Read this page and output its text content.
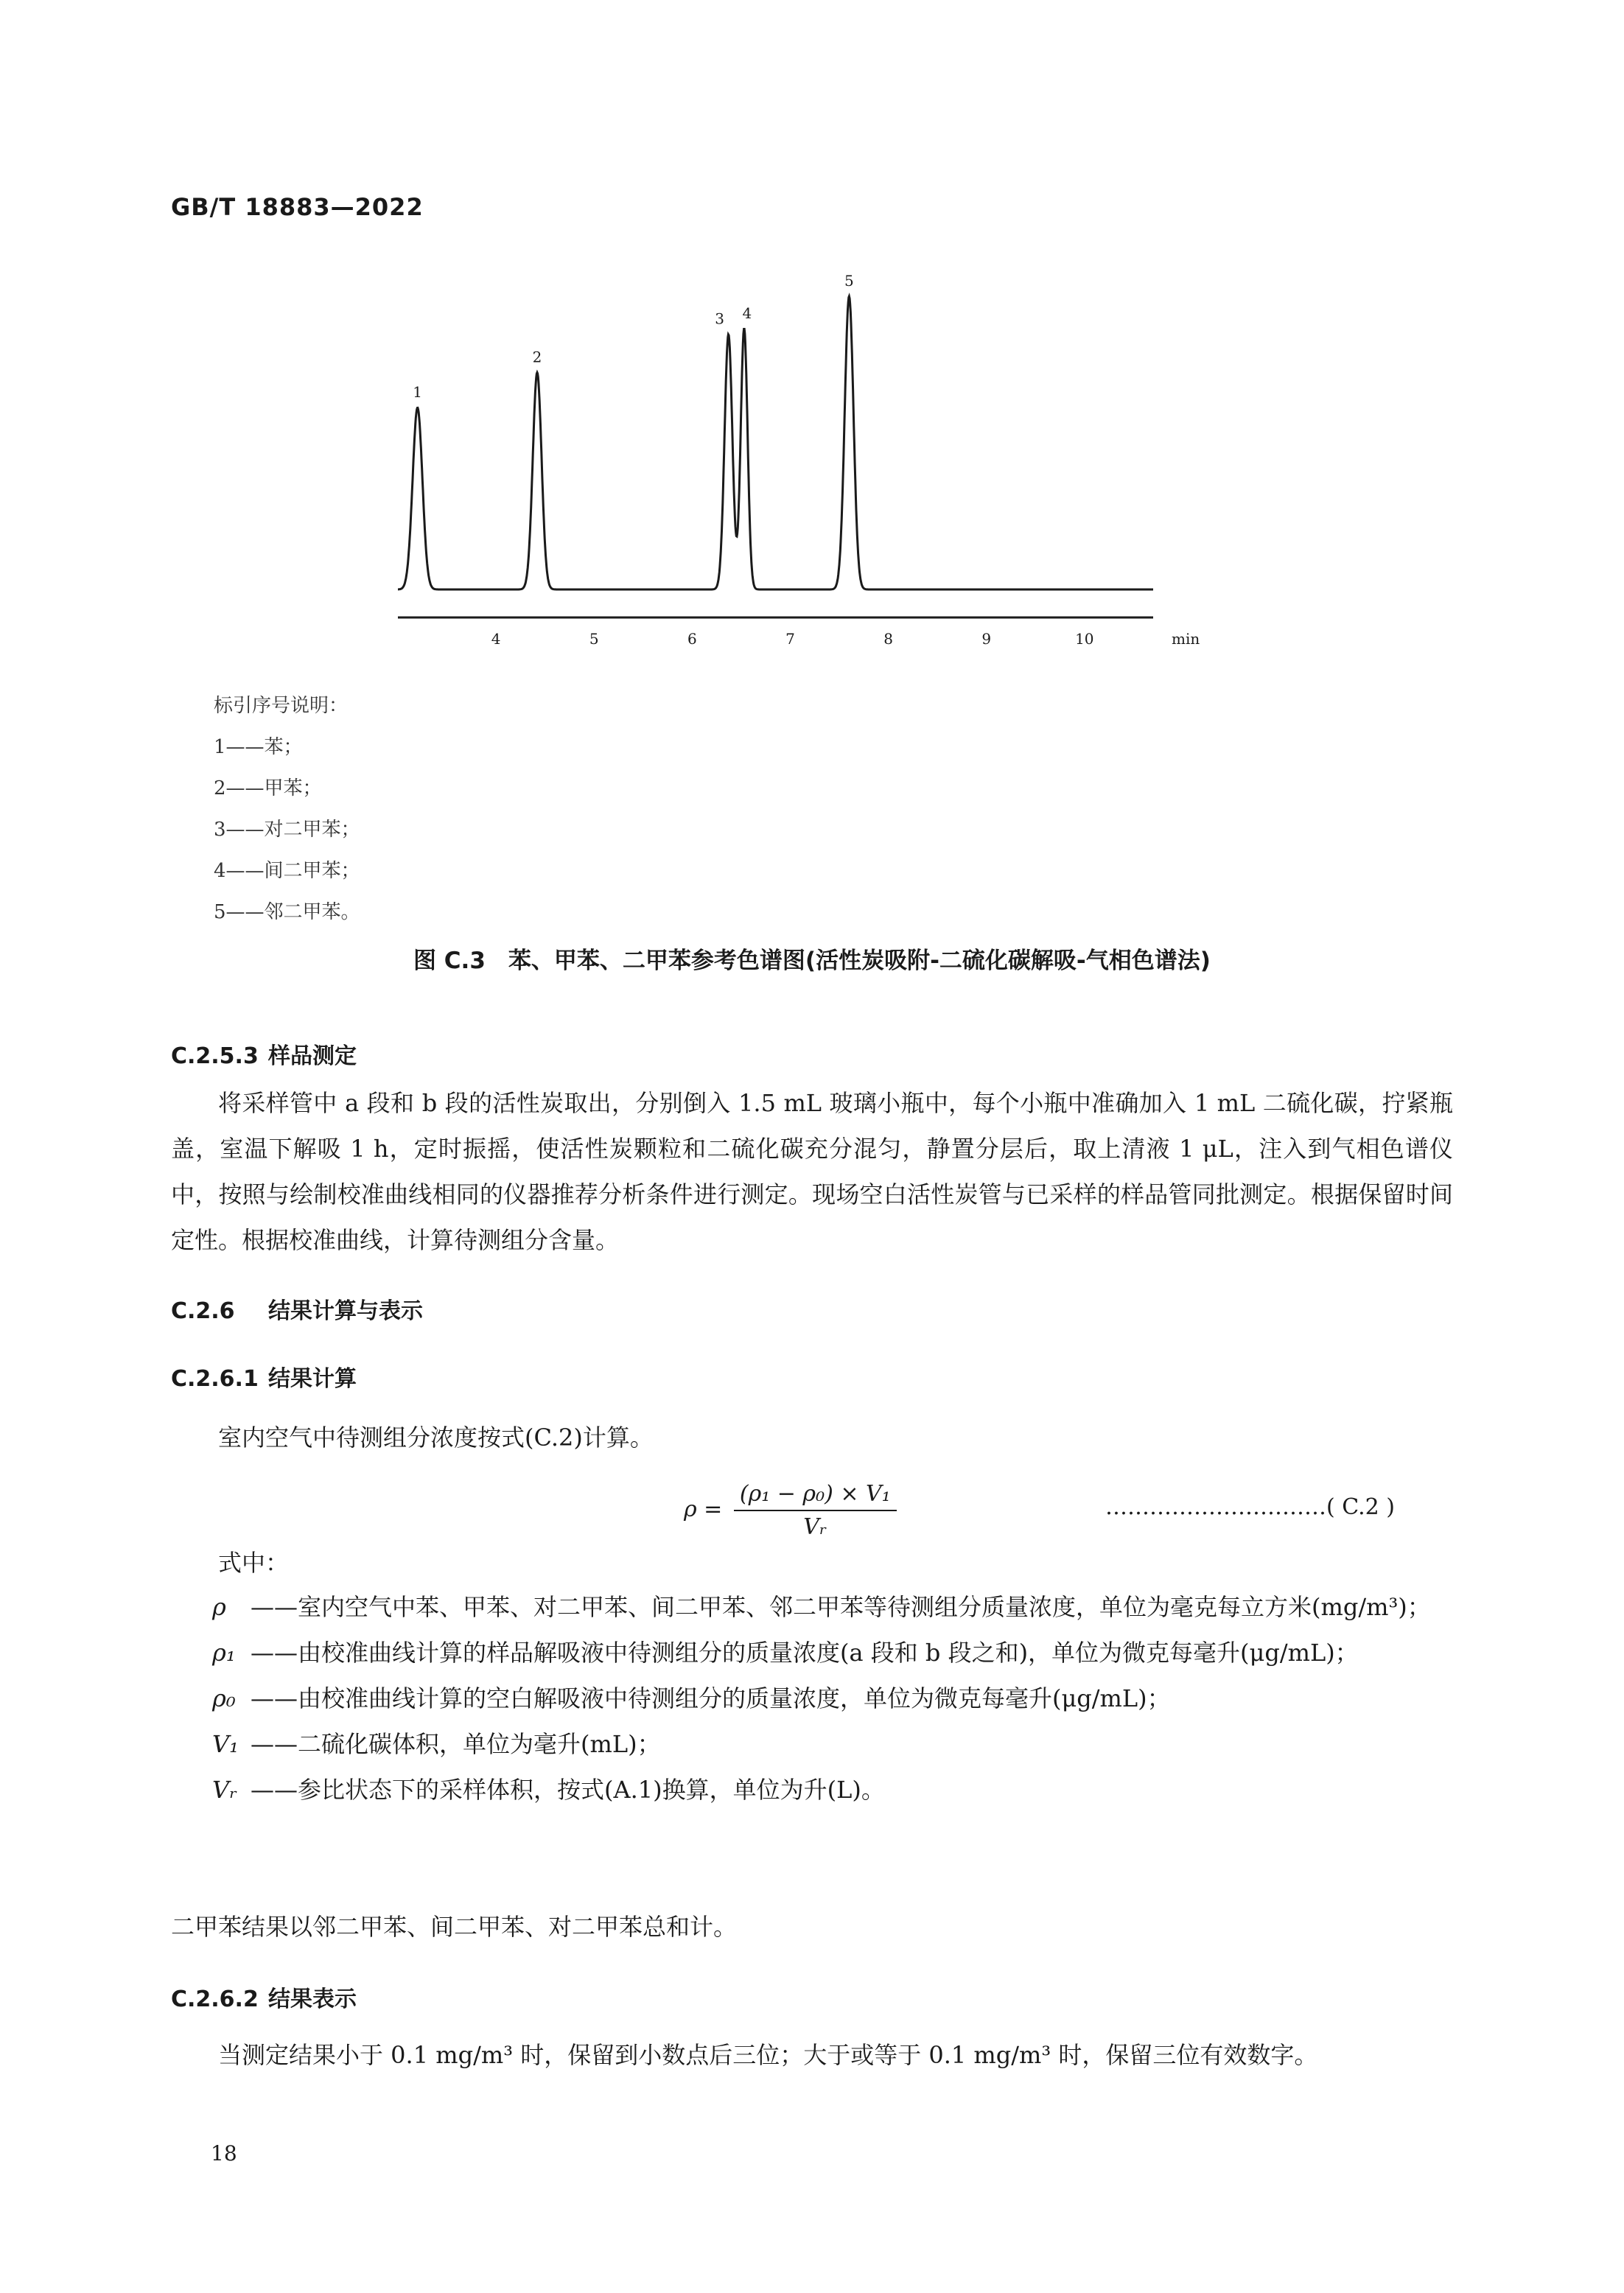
GB/T 18883—2022
4	5	6	7	8	9	10
1
2
3 4
5
min
标引序号说明：
1——苯；
2——甲苯；
3——对二甲苯；
4——间二甲苯；
5——邻二甲苯。
图 C.3　苯、甲苯、二甲苯参考色谱图(活性炭吸附-二硫化碳解吸-气相色谱法)
C.2.5.3 样品测定

将采样管中 a 段和 b 段的活性炭取出，分别倒入 1.5 mL 玻璃小瓶中，每个小瓶中准确加入 1 mL 二硫化碳，拧紧瓶盖，室温下解吸 1 h，定时振摇，使活性炭颗粒和二硫化碳充分混匀，静置分层后，取上清液 1 μL，注入到气相色谱仪中，按照与绘制校准曲线相同的仪器推荐分析条件进行测定。现场空白活性炭管与已采样的样品管同批测定。根据保留时间定性。根据校准曲线，计算待测组分含量。

C.2.6 结果计算与表示
C.2.6.1 结果计算

室内空气中待测组分浓度按式(C.2)计算。

$\rho = \frac{\text{(ρ₁ − ρ₀) × V₁}}{\text{Vᵣ}}$	…………………………( C.2 )

式中：

ρ	——室内空气中苯、甲苯、对二甲苯、间二甲苯、邻二甲苯等待测组分质量浓度，单位为毫克每立方米(mg/m³)；
ρ₁ ——由校准曲线计算的样品解吸液中待测组分的质量浓度(a 段和 b 段之和)，单位为微克每毫升(μg/mL)；
ρ₀ ——由校准曲线计算的空白解吸液中待测组分的质量浓度，单位为微克每毫升(μg/mL)；
V₁ ——二硫化碳体积，单位为毫升(mL)；
Vᵣ ——参比状态下的采样体积，按式(A.1)换算，单位为升(L)。
二甲苯结果以邻二甲苯、间二甲苯、对二甲苯总和计。
C.2.6.2 结果表示

当测定结果小于 0.1 mg/m³ 时，保留到小数点后三位；大于或等于 0.1 mg/m³ 时，保留三位有效数字。

18
